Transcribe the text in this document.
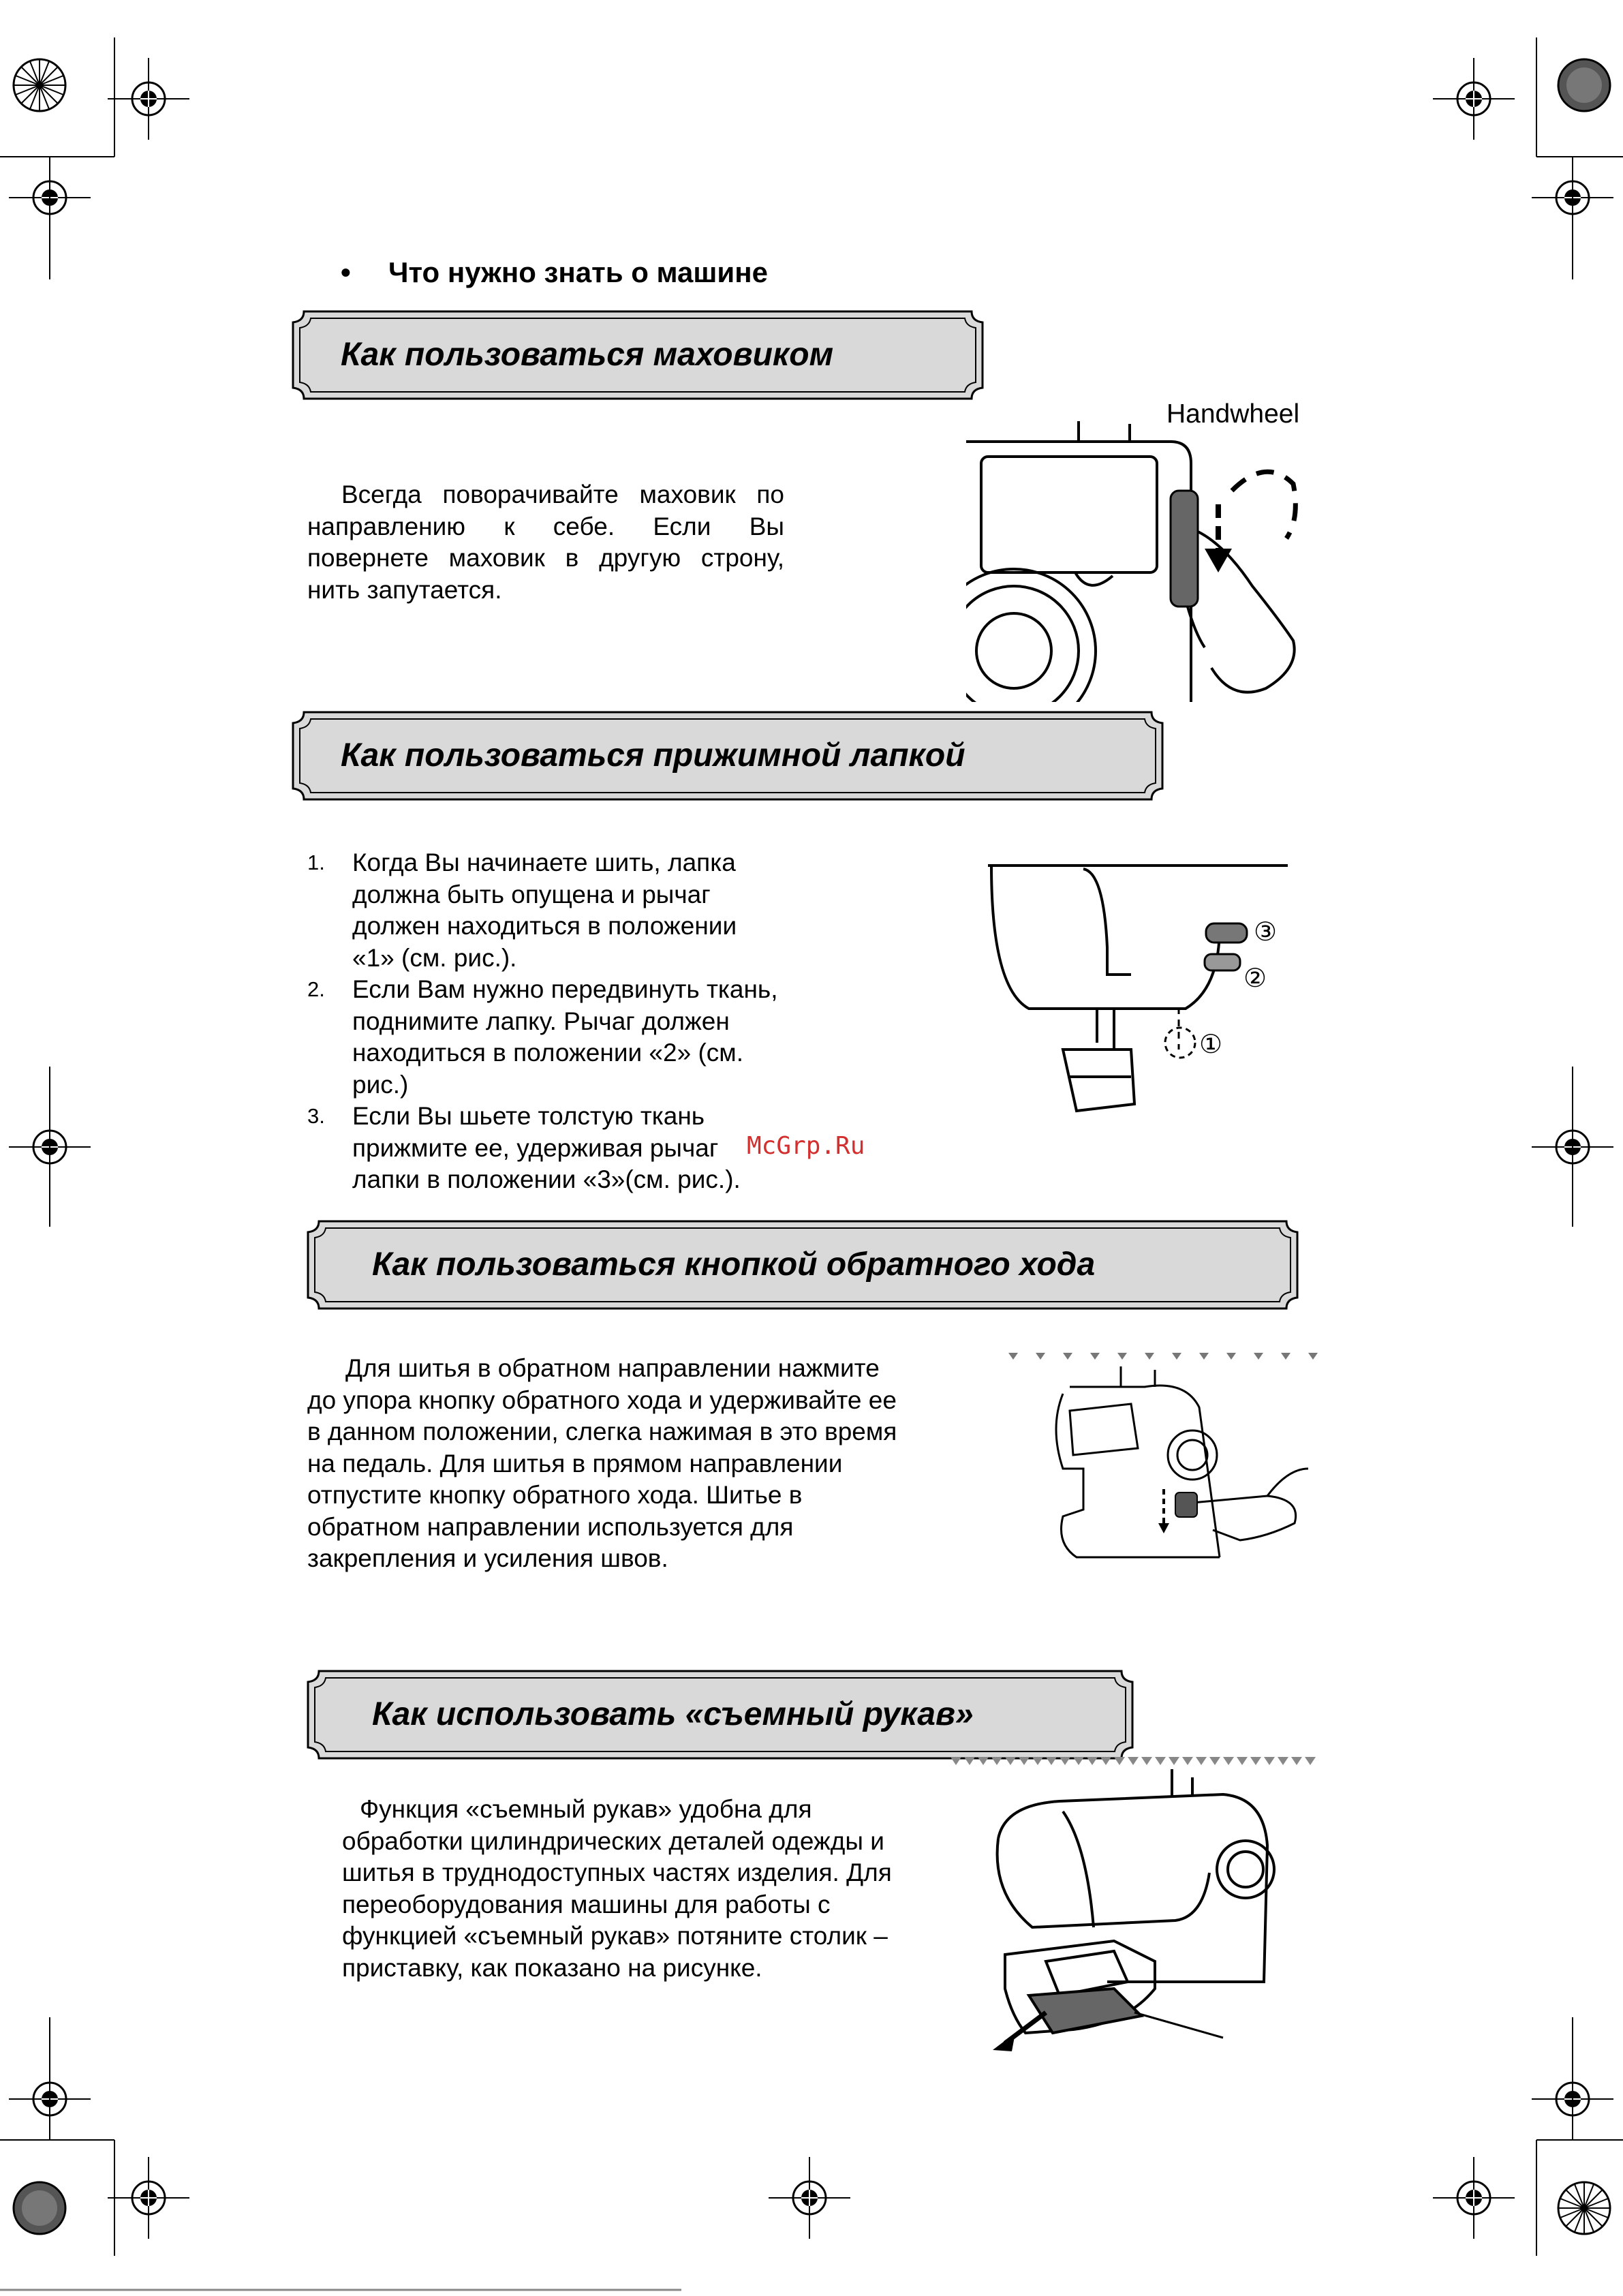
• Что нужно знать о машине
Как пользоваться маховиком
Всегда поворачивайте маховик по направлению к себе. Если Вы повернете маховик в другую строну, нить запутается.
Handwheel
Как пользоваться прижимной лапкой
1. Когда Вы начинаете шить, лапка должна быть опущена и рычаг должен находиться в положении «1» (см. рис.).
2. Если Вам нужно передвинуть ткань, поднимите лапку. Рычаг должен находиться в положении «2» (см. рис.)
3. Если Вы шьете толстую ткань прижмите ее, удерживая рычаг лапки в положении «3»(см. рис.).
③
②
①
McGrp.Ru
Как пользоваться кнопкой обратного хода
Для шитья в обратном направлении нажмите до упора кнопку обратного хода и удерживайте ее в данном положении, слегка нажимая в это время на педаль. Для шитья в прямом направлении отпустите кнопку обратного хода. Шитье в обратном направлении используется для закрепления и усиления швов.
Как использовать «съемный рукав»
Функция «съемный рукав» удобна для обработки цилиндрических деталей одежды и шитья в труднодоступных частях изделия. Для переоборудования машины для работы с функцией «съемный рукав» потяните столик –приставку, как показано на рисунке.
